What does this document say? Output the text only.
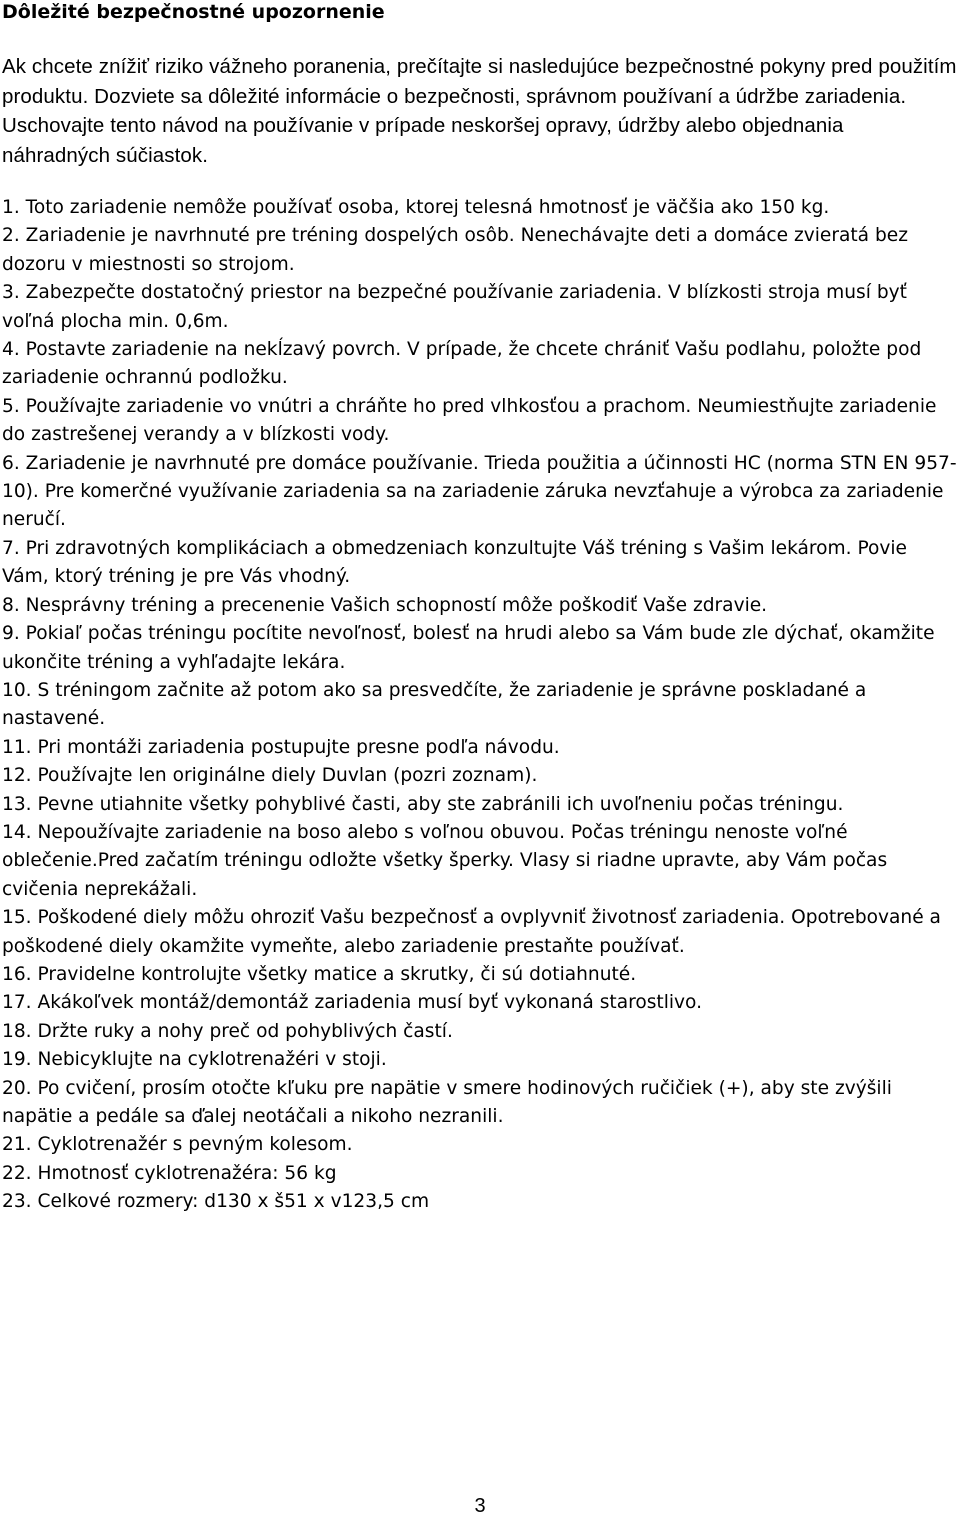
Dôležité bezpečnostné upozornenie

Ak chcete znížiť riziko vážneho poranenia, prečítajte si nasledujúce bezpečnostné pokyny pred použitím produktu. Dozviete sa dôležité informácie o bezpečnosti, správnom používaní a údržbe zariadenia. Uschovajte tento návod na používanie v prípade neskoršej opravy, údržby alebo objednania náhradných súčiastok.

1. Toto zariadenie nemôže používať osoba, ktorej telesná hmotnosť je väčšia ako 150 kg.
2. Zariadenie je navrhnuté pre tréning dospelých osôb. Nenechávajte deti a domáce zvieratá bez dozoru v miestnosti so strojom.
3. Zabezpečte dostatočný priestor na bezpečné používanie zariadenia. V blízkosti stroja musí byť voľná plocha min. 0,6m.
4. Postavte zariadenie na nekĺzavý povrch. V prípade, že chcete chrániť Vašu podlahu, položte pod zariadenie ochrannú podložku.
5. Používajte zariadenie vo vnútri a chráňte ho pred vlhkosťou a prachom. Neumiestňujte zariadenie do zastrešenej verandy a v blízkosti vody.
6. Zariadenie je navrhnuté pre domáce používanie. Trieda použitia a účinnosti HC (norma STN EN 957-10). Pre komerčné využívanie zariadenia sa na zariadenie záruka nevzťahuje a výrobca za zariadenie neručí.
7. Pri zdravotných komplikáciach a obmedzeniach konzultujte Váš tréning s Vašim lekárom. Povie Vám, ktorý tréning je pre Vás vhodný.
8. Nesprávny tréning a precenenie Vašich schopností môže poškodiť Vaše zdravie.
9. Pokiaľ počas tréningu pocítite nevoľnosť, bolesť na hrudi alebo sa Vám bude zle dýchať, okamžite ukončite tréning a vyhľadajte lekára.
10. S tréningom začnite až potom ako sa presvedčíte, že zariadenie je správne poskladané a nastavené.
11. Pri montáži zariadenia postupujte presne podľa návodu.
12. Používajte len originálne diely Duvlan (pozri zoznam).
13. Pevne utiahnite všetky pohyblivé časti, aby ste zabránili ich uvoľneniu počas tréningu.
14. Nepoužívajte zariadenie na boso alebo s voľnou obuvou. Počas tréningu nenoste voľné oblečenie.Pred začatím tréningu odložte všetky šperky. Vlasy si riadne upravte, aby Vám počas cvičenia neprekážali.
15. Poškodené diely môžu ohroziť Vašu bezpečnosť a ovplyvniť životnosť zariadenia. Opotrebované a poškodené diely okamžite vymeňte, alebo zariadenie prestaňte používať.
16. Pravidelne kontrolujte všetky matice a skrutky, či sú dotiahnuté.
17. Akákoľvek montáž/demontáž zariadenia musí byť vykonaná starostlivo.
18. Držte ruky a nohy preč od pohyblivých častí.
19. Nebicyklujte na cyklotrenažéri v stoji.
20. Po cvičení, prosím otočte kľuku pre napätie v smere hodinových ručičiek (+), aby ste zvýšili napätie a pedále sa ďalej neotáčali a nikoho nezranili.
21. Cyklotrenažér s pevným kolesom.
22. Hmotnosť cyklotrenažéra: 56 kg
23. Celkové rozmery: d130 x š51 x v123,5 cm
3
